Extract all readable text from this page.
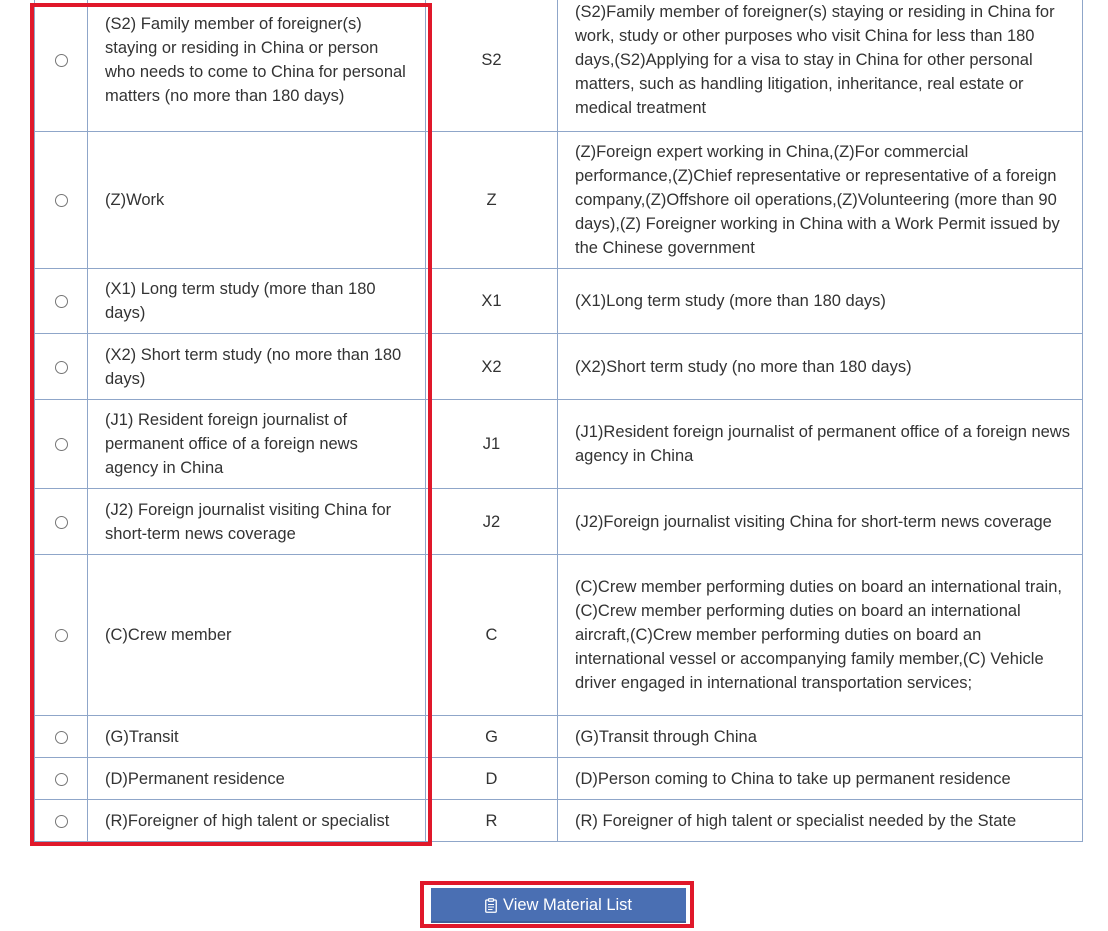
	(S2) Family member of foreigner(s) staying or residing in China or person who needs to come to China for personal matters (no more than 180 days)	S2	(S2)Family member of foreigner(s) staying or residing in China for work, study or other purposes who visit China for less than 180 days,(S2)Applying for a visa to stay in China for other personal matters, such as handling litigation, inheritance, real estate or medical treatment
	(Z)Work	Z	(Z)Foreign expert working in China,(Z)For commercial performance,(Z)Chief representative or representative of a foreign company,(Z)Offshore oil operations,(Z)Volunteering (more than 90 days),(Z) Foreigner working in China with a Work Permit issued by the Chinese government
	(X1) Long term study (more than 180 days)	X1	(X1)Long term study (more than 180 days)
	(X2) Short term study (no more than 180 days)	X2	(X2)Short term study (no more than 180 days)
	(J1) Resident foreign journalist of permanent office of a foreign news agency in China	J1	(J1)Resident foreign journalist of permanent office of a foreign news agency in China
	(J2) Foreign journalist visiting China for short-term news coverage	J2	(J2)Foreign journalist visiting China for short-term news coverage
	(C)Crew member	C	(C)Crew member performing duties on board an international train,(C)Crew member performing duties on board an international aircraft,(C)Crew member performing duties on board an international vessel or accompanying family member,(C) Vehicle driver engaged in international transportation services;
	(G)Transit	G	(G)Transit through China
	(D)Permanent residence	D	(D)Person coming to China to take up permanent residence
	(R)Foreigner of high talent or specialist	R	(R) Foreigner of high talent or specialist needed by the State
View Material List
